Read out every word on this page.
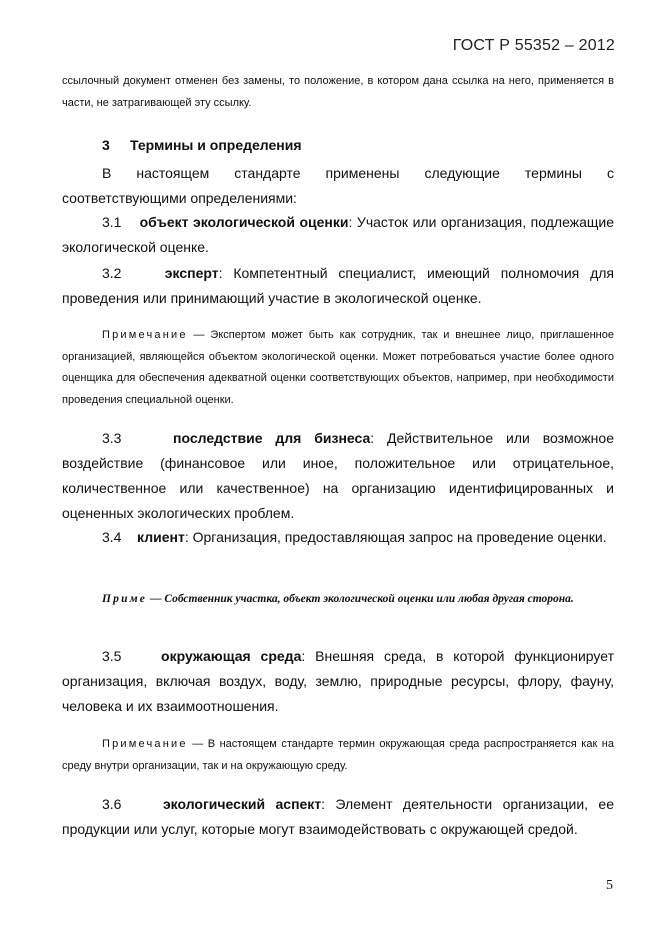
ГОСТ Р 55352 – 2012

ссылочный документ отменен без замены, то положение, в котором дана ссылка на него, применяется в части, не затрагивающей эту ссылку.

3 Термины и определения

В настоящем стандарте применены следующие термины с соответствующими определениями:

3.1 объект экологической оценки: Участок или организация, подлежащие экологической оценке.

3.2	эксперт: Компетентный специалист, имеющий полномочия для проведения или принимающий участие в экологической оценке.

Примечание — Экспертом может быть как сотрудник, так и внешнее лицо, приглашенное организацией, являющейся объектом экологической оценки. Может потребоваться участие более одного оценщика для обеспечения адекватной оценки соответствующих объектов, например, при необходимости проведения специальной оценки.

3.3	последствие для бизнеса: Действительное или возможное воздействие (финансовое или иное, положительное или отрицательное, количественное или качественное) на организацию идентифицированных и оцененных экологических проблем.

3.4 клиент: Организация, предоставляющая запрос на проведение оценки.

Приме — Собственник участка, объект экологической оценки или любая другая сторона.

3.5	окружающая среда: Внешняя среда, в которой функционирует организация, включая воздух, воду, землю, природные ресурсы, флору, фауну, человека и их взаимоотношения.

Примечание — В настоящем стандарте термин окружающая среда распространяется как на среду внутри организации, так и на окружающую среду.

3.6	экологический аспект: Элемент деятельности организации, ее продукции или услуг, которые могут взаимодействовать с окружающей средой.

5
